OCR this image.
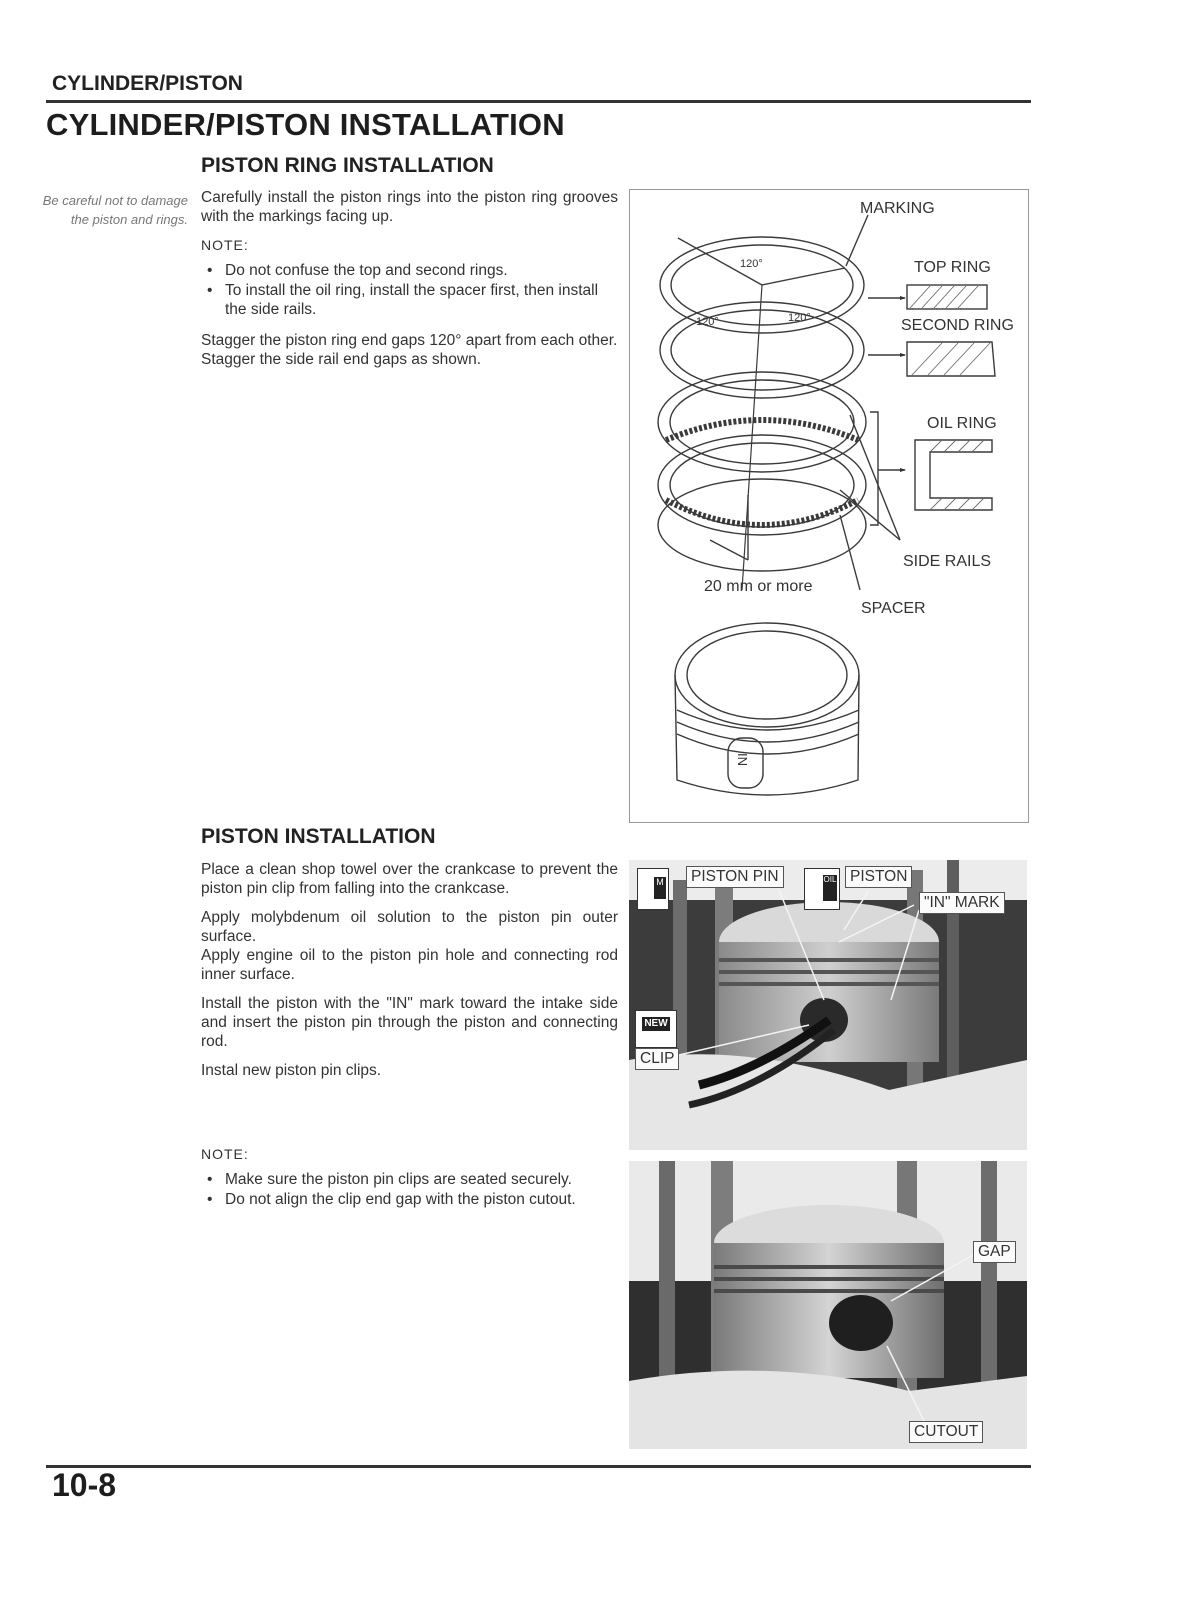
CYLINDER/PISTON
CYLINDER/PISTON INSTALLATION
PISTON RING INSTALLATION
Be careful not to damage the piston and rings.

Carefully install the piston rings into the piston ring grooves with the markings facing up.

NOTE:
• Do not confuse the top and second rings.
• To install the oil ring, install the spacer first, then install the side rails.

Stagger the piston ring end gaps 120° apart from each other.

Stagger the side rail end gaps as shown.

MARKING
TOP RING
SECOND RING
OIL RING
SIDE RAILS
SPACER
20 mm or more
120°
120°	120°
IN
PISTON INSTALLATION

Place a clean shop towel over the crankcase to prevent the piston pin clip from falling into the crankcase.

Apply molybdenum oil solution to the piston pin outer surface.

Apply engine oil to the piston pin hole and connecting rod inner surface.

Install the piston with the "IN" mark toward the intake side and insert the piston pin through the piston and connecting rod.

Instal new piston pin clips.

NOTE:
• Make sure the piston pin clips are seated securely.
• Do not align the clip end gap with the piston cutout.
M	PISTON PIN	OIL PISTON
"IN" MARK
NEW
CLIP
GAP
CUTOUT
10-8
